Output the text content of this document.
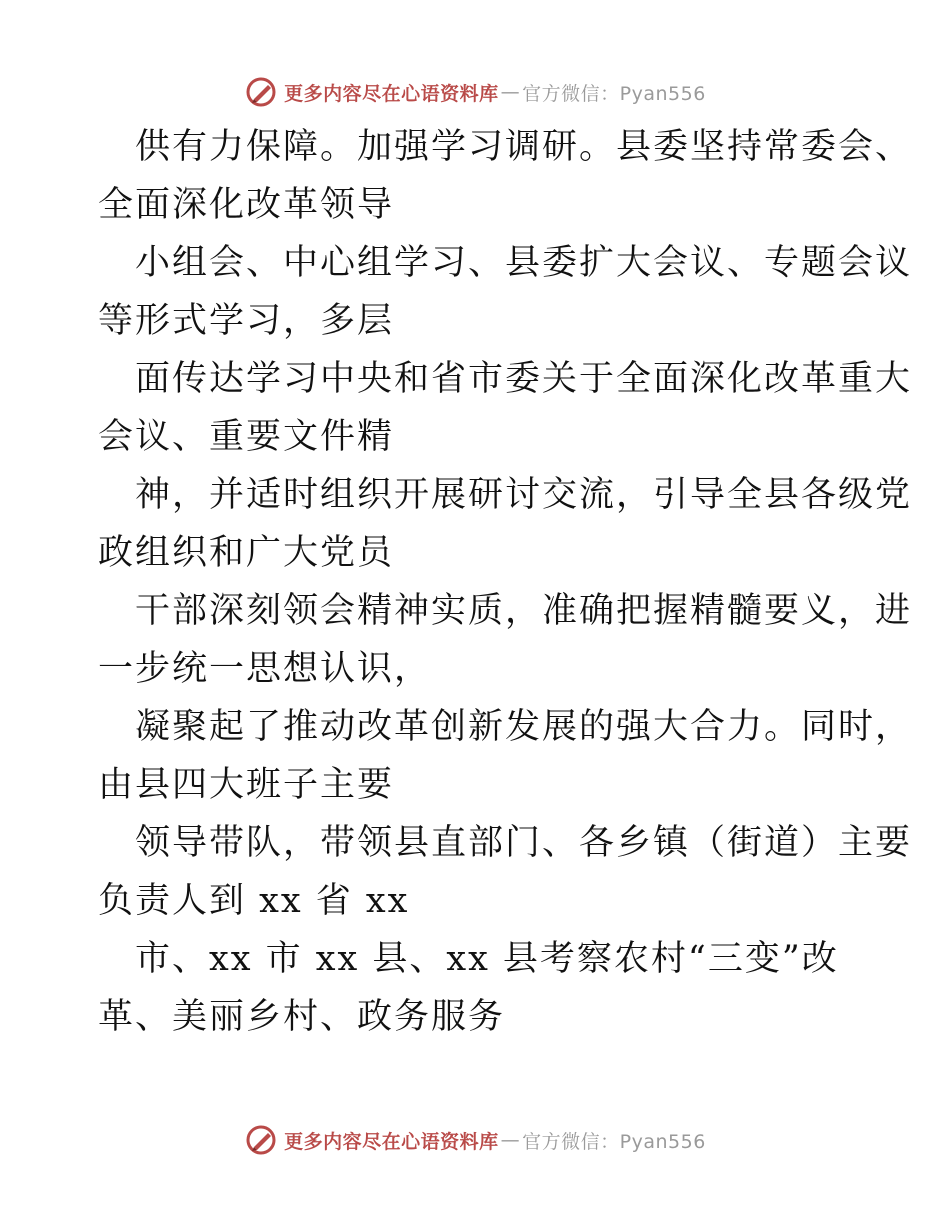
更多内容尽在心语资料库 — 官方微信：Pyan556

供有力保障。加强学习调研。县委坚持常委会、

全面深化改革领导

小组会、中心组学习、县委扩大会议、专题会议

等形式学习，多层

面传达学习中央和省市委关于全面深化改革重大

会议、重要文件精

神，并适时组织开展研讨交流，引导全县各级党

政组织和广大党员

干部深刻领会精神实质，准确把握精髓要义，进

一步统一思想认识，

凝聚起了推动改革创新发展的强大合力。同时，

由县四大班子主要

领导带队，带领县直部门、各乡镇（街道）主要

负责人到 xx 省 xx

市、xx 市 xx 县、xx 县考察农村“三变”改

革、美丽乡村、政务服务

更多内容尽在心语资料库 — 官方微信：Pyan556
